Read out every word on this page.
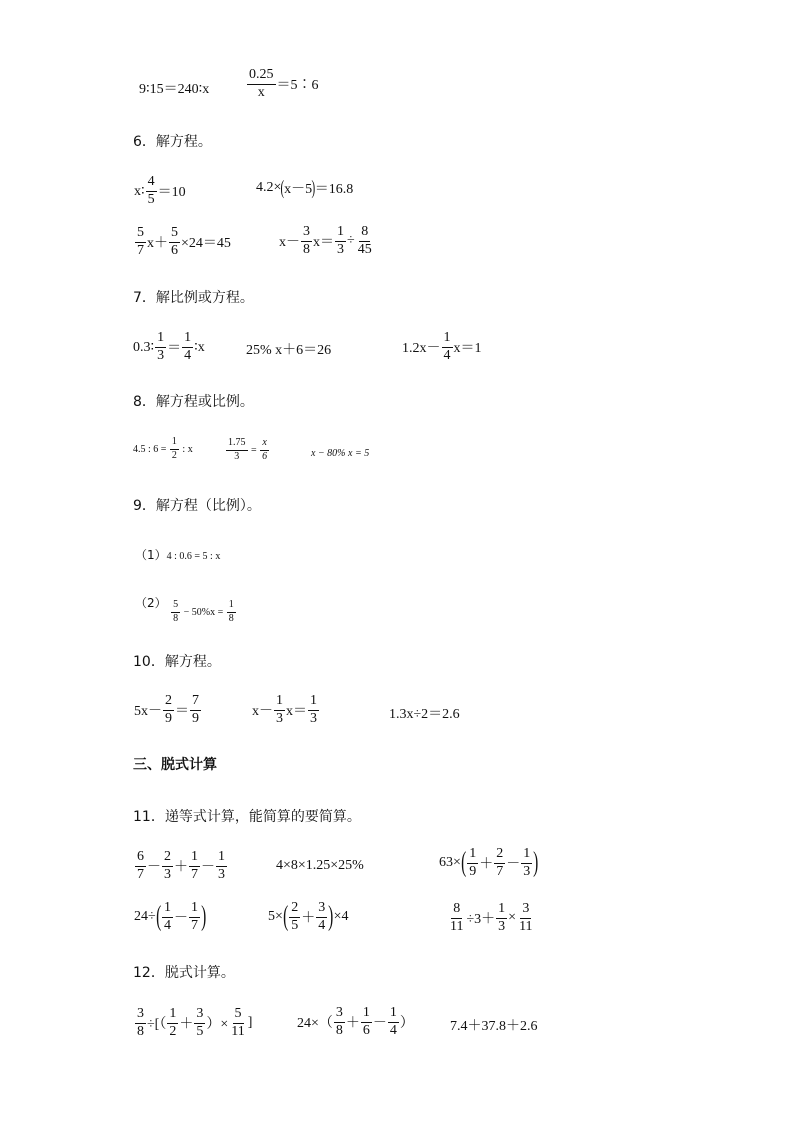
9∶15＝240∶x	$\frac{0.25}{x}$ ＝5∶6
6．解方程。
x∶ $\frac{4}{5} =10$	4.2× ( x－5 ) ＝16.8
$\frac{5}{7} x+ \frac{5}{6} \times 24=45$	$x- \frac{3}{8} x= \frac{1}{3} \div \frac{8}{45}$
7．解比例或方程。
0.3∶ $\frac{1}{3} = \frac{1}{4}$ ∶x	25% x＋6＝26	$1.2x- \frac{1}{4} x=1$
8．解方程或比例。
4.5 : $6 = \frac{1}{2}$ : x	$\frac{1.75}{3} = \frac{x}{6}$	x − 80% x = 5
9．解方程（比例）。
（1）4 : 0.6 = 5 : x
$(2) \frac{5}{8} - 50\%x = \frac{1}{8}$
10．解方程。
$5x- \frac{2}{9} = \frac{7}{9}$	$x- \frac{1}{3} x= \frac{1}{3}$	1.3x÷2＝2.6
三、脱式计算
11．递等式计算，能简算的要简算。
$\frac{6}{7} - \frac{2}{3} + \frac{1}{7} - \frac{1}{3}$	4×8×1.25×25%	63× ( $\frac{1}{9} + \frac{2}{7} - \frac{1}{3}$ )
24÷ ( $\frac{1}{4} - \frac{1}{7}$ )	5× ( $\frac{2}{5} + \frac{3}{4}$ ) ×4	$\frac{8}{11} \div 3+ \frac{1}{3} \times \frac{3}{11}$
12．脱式计算。
$\frac{3}{8}$ ÷[（ $\frac{1}{2} + \frac{3}{5}$ ）× $\frac{5}{11}$ ]	$24\times( \frac{3}{8} + \frac{1}{6} - \frac{1}{4}$ ）	7.4＋37.8＋2.6
